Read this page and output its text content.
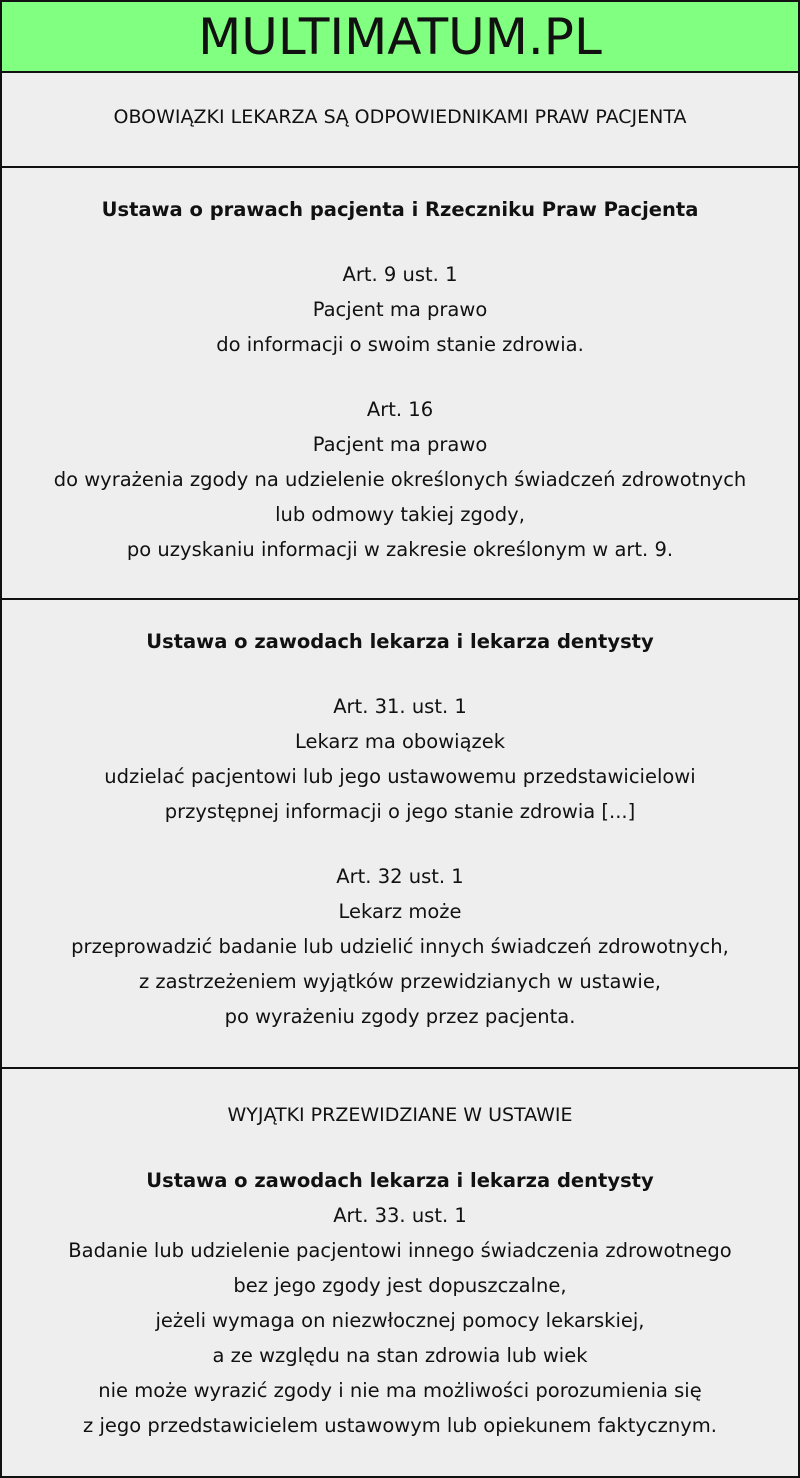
MULTIMATUM.PL
OBOWIĄZKI LEKARZA SĄ ODPOWIEDNIKAMI PRAW PACJENTA
Ustawa o prawach pacjenta i Rzeczniku Praw Pacjenta
Art. 9 ust. 1
Pacjent ma prawo
do informacji o swoim stanie zdrowia.
Art. 16
Pacjent ma prawo
do wyrażenia zgody na udzielenie określonych świadczeń zdrowotnych
lub odmowy takiej zgody,
po uzyskaniu informacji w zakresie określonym w art. 9.
Ustawa o zawodach lekarza i lekarza dentysty
Art. 31. ust. 1
Lekarz ma obowiązek
udzielać pacjentowi lub jego ustawowemu przedstawicielowi
przystępnej informacji o jego stanie zdrowia [...]
Art. 32 ust. 1
Lekarz może
przeprowadzić badanie lub udzielić innych świadczeń zdrowotnych,
z zastrzeżeniem wyjątków przewidzianych w ustawie,
po wyrażeniu zgody przez pacjenta.
WYJĄTKI PRZEWIDZIANE W USTAWIE
Ustawa o zawodach lekarza i lekarza dentysty
Art. 33. ust. 1
Badanie lub udzielenie pacjentowi innego świadczenia zdrowotnego
bez jego zgody jest dopuszczalne,
jeżeli wymaga on niezwłocznej pomocy lekarskiej,
a ze względu na stan zdrowia lub wiek
nie może wyrazić zgody i nie ma możliwości porozumienia się
z jego przedstawicielem ustawowym lub opiekunem faktycznym.
